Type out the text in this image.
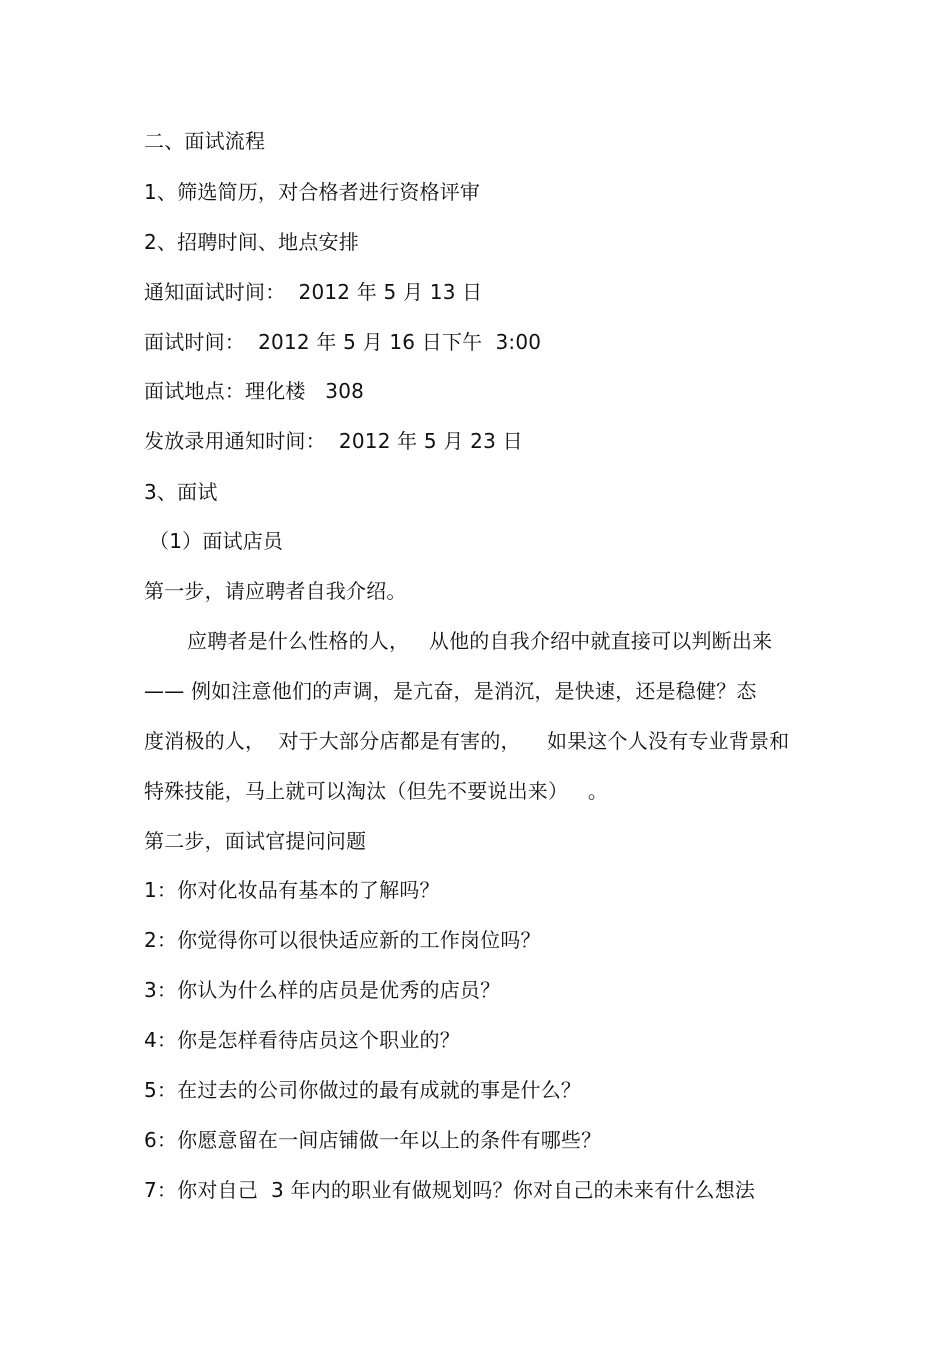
二、面试流程
1、筛选简历，对合格者进行资格评审
2、招聘时间、地点安排
通知面试时间：  2012 年 5 月 13 日
面试时间：  2012 年 5 月 16 日下午  3:00
面试地点：理化楼   308
发放录用通知时间：  2012 年 5 月 23 日
3、面试
（1）面试店员
第一步，请应聘者自我介绍。
应聘者是什么性格的人，   从他的自我介绍中就直接可以判断出来
—— 例如注意他们的声调，是亢奋，是消沉，是快速，还是稳健？态
度消极的人，  对于大部分店都是有害的，    如果这个人没有专业背景和
特殊技能，马上就可以淘汰（但先不要说出来）   。
第二步，面试官提问问题
1：你对化妆品有基本的了解吗？
2：你觉得你可以很快适应新的工作岗位吗？
3：你认为什么样的店员是优秀的店员？
4：你是怎样看待店员这个职业的？
5：在过去的公司你做过的最有成就的事是什么？
6：你愿意留在一间店铺做一年以上的条件有哪些？
7：你对自己  3 年内的职业有做规划吗？你对自己的未来有什么想法
